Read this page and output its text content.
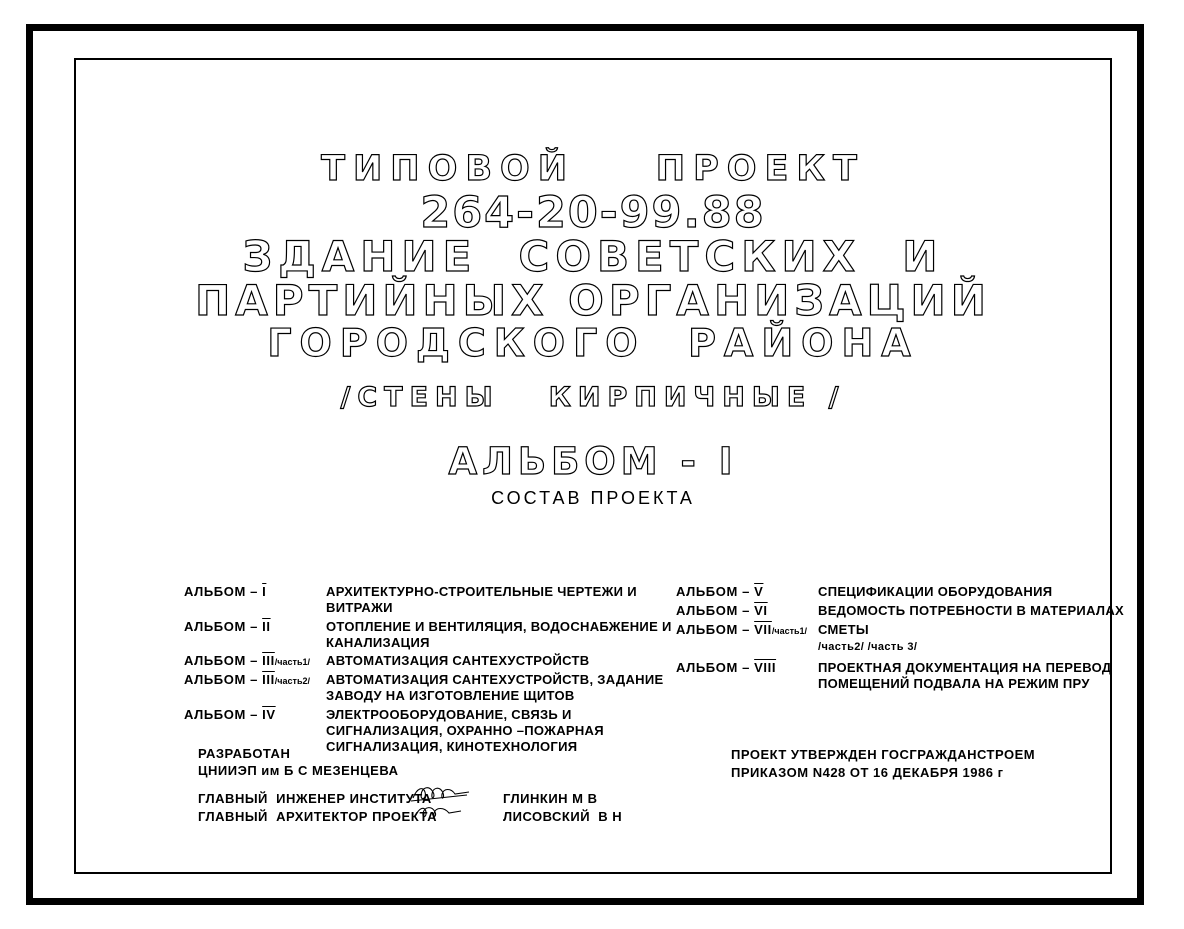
ТИПОВОЙ    ПРОЕКТ
264-20-99.88
ЗДАНИЕ  СОВЕТСКИХ  И
ПАРТИЙНЫХ ОРГАНИЗАЦИЙ
ГОРОДСКОГО  РАЙОНА
/СТЕНЫ   КИРПИЧНЫЕ /
АЛЬБОМ - I
СОСТАВ ПРОЕКТА
АЛЬБОМ – $\overline{I}$	АРХИТЕКТУРНО-СТРОИТЕЛЬНЫЕ ЧЕРТЕЖИ И
ВИТРАЖИ
АЛЬБОМ – $\overline{II}$	ОТОПЛЕНИЕ И ВЕНТИЛЯЦИЯ, ВОДОСНАБЖЕНИЕ И
КАНАЛИЗАЦИЯ
АЛЬБОМ – $\overline{III}/часть1/$	АВТОМАТИЗАЦИЯ САНТЕХУСТРОЙСТВ
АЛЬБОМ – $\overline{III}/часть2/$	АВТОМАТИЗАЦИЯ САНТЕХУСТРОЙСТВ, ЗАДАНИЕ
ЗАВОДУ НА ИЗГОТОВЛЕНИЕ ЩИТОВ
АЛЬБОМ – $\overline{IV}$	ЭЛЕКТРООБОРУДОВАНИЕ, СВЯЗЬ И
СИГНАЛИЗАЦИЯ, ОХРАННО –ПОЖАРНАЯ
СИГНАЛИЗАЦИЯ, КИНОТЕХНОЛОГИЯ
АЛЬБОМ – $\overline{V}$	СПЕЦИФИКАЦИИ ОБОРУДОВАНИЯ
АЛЬБОМ – $\overline{VI}$	ВЕДОМОСТЬ ПОТРЕБНОСТИ В МАТЕРИАЛАХ
АЛЬБОМ – $\overline{VII}/часть1/$ СМЕТЫ
/часть2/ /часть 3/
АЛЬБОМ – VIII	ПРОЕКТНАЯ ДОКУМЕНТАЦИЯ НА ПЕРЕВОД
ПОМЕЩЕНИЙ ПОДВАЛА НА РЕЖИМ ПРУ
РАЗРАБОТАН
ЦНИИЭП им Б С МЕЗЕНЦЕВА
ПРОЕКТ УТВЕРЖДЕН ГОСГРАЖДАНСТРОЕМ
ПРИКАЗОМ N428 ОТ 16 ДЕКАБРЯ 1986 г
ГЛАВНЫЙ  ИНЖЕНЕР ИНСТИТУТА	ГЛИНКИН М В
ГЛАВНЫЙ  АРХИТЕКТОР ПРОЕКТА	ЛИСОВСКИЙ  В Н
